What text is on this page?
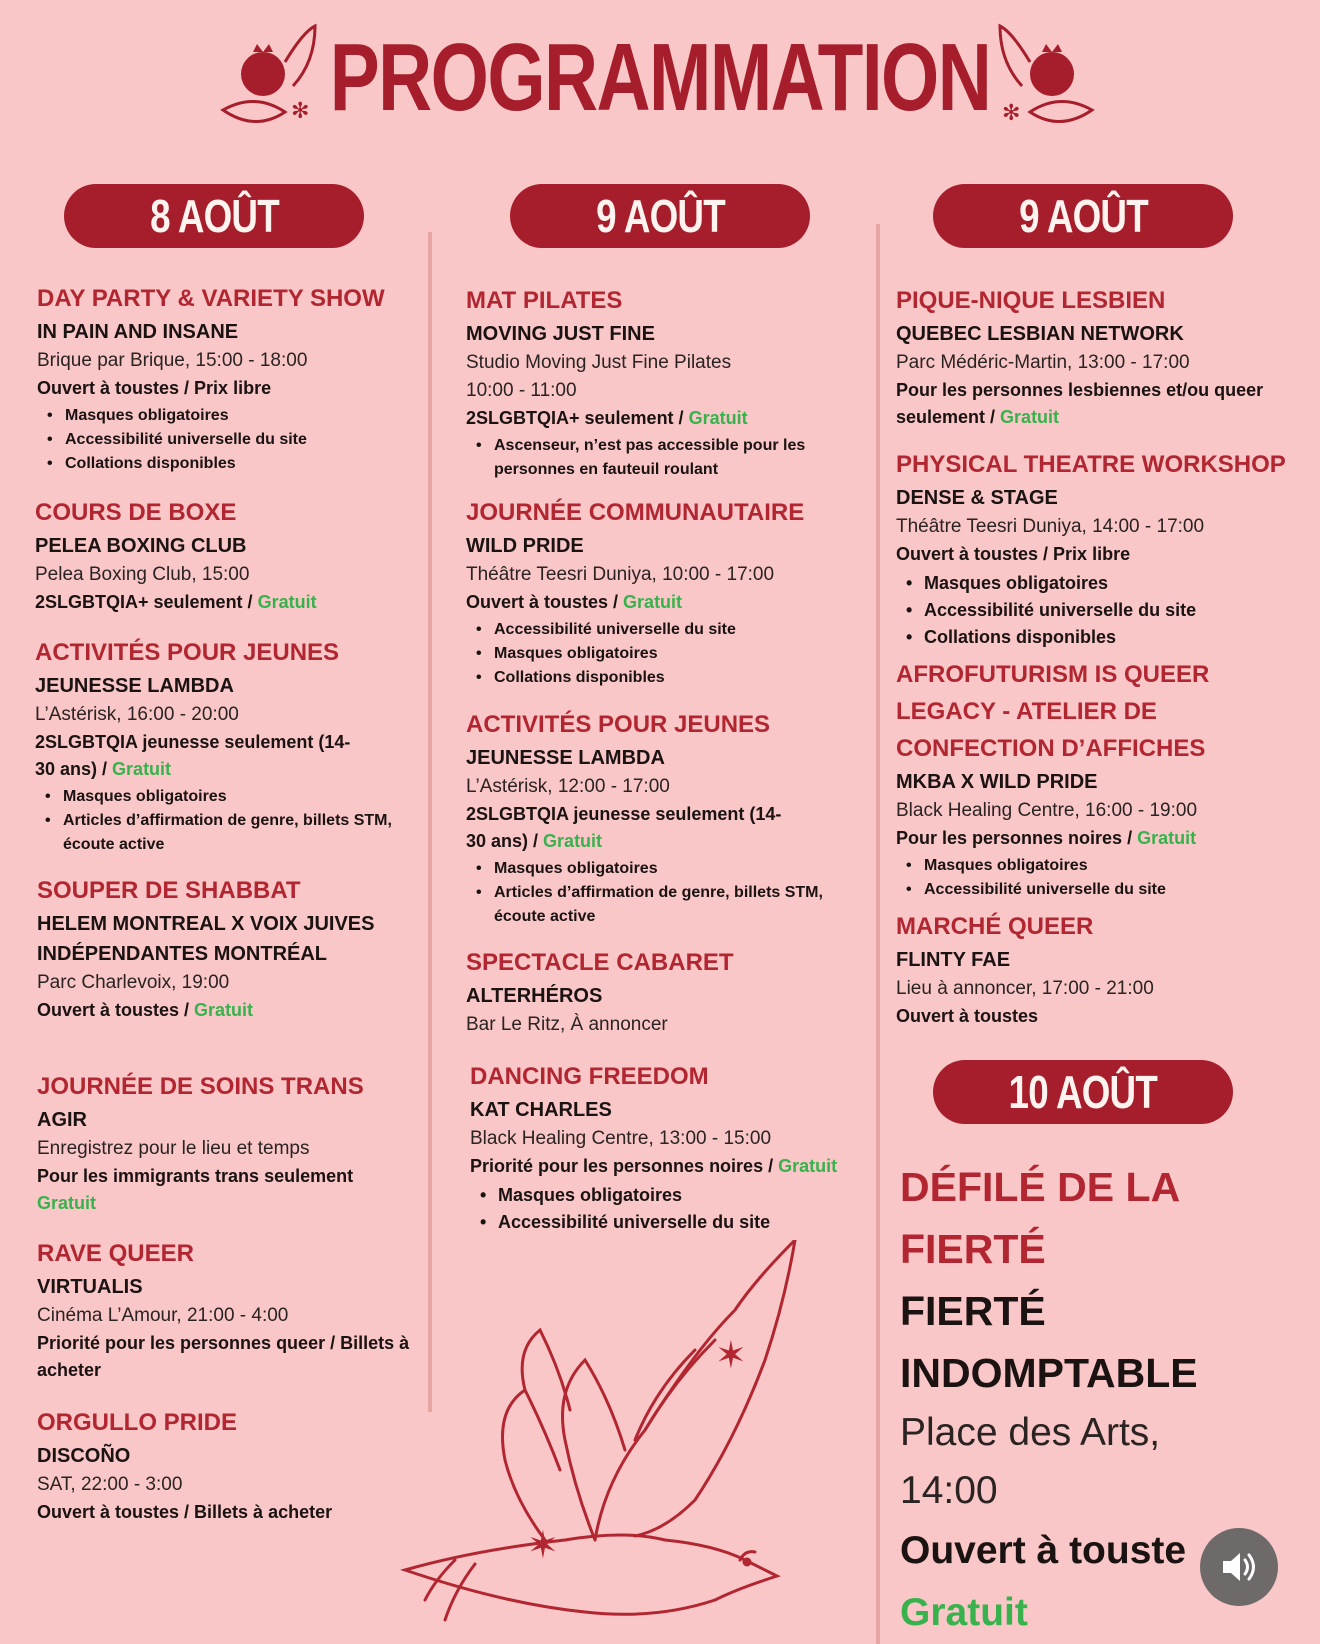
PROGRAMMATION
✻	✻
8 AOÛT	9 AOÛT	9 AOÛT
DAY PARTY & VARIETY SHOW
IN PAIN AND INSANE
Brique par Brique, 15:00 - 18:00
Ouvert à toustes / Prix libre
• Masques obligatoires
• Accessibilité universelle du site
• Collations disponibles
COURS DE BOXE
PELEA BOXING CLUB
Pelea Boxing Club, 15:00
2SLGBTQIA+ seulement / Gratuit
ACTIVITÉS POUR JEUNES
JEUNESSE LAMBDA
L’Astérisk, 16:00 - 20:00
2SLGBTQIA jeunesse seulement (14-30 ans) / Gratuit
• Masques obligatoires
• Articles d’affirmation de genre, billets STM, écoute active
SOUPER DE SHABBAT
HELEM MONTREAL X VOIX JUIVES INDÉPENDANTES MONTRÉAL
Parc Charlevoix, 19:00
Ouvert à toustes / Gratuit
JOURNÉE DE SOINS TRANS
AGIR
Enregistrez pour le lieu et temps
Pour les immigrants trans seulement
Gratuit
RAVE QUEER
VIRTUALIS
Cinéma L’Amour, 21:00 - 4:00
Priorité pour les personnes queer / Billets à acheter
ORGULLO PRIDE
DISCOÑO
SAT, 22:00 - 3:00
Ouvert à toustes / Billets à acheter
MAT PILATES
MOVING JUST FINE
Studio Moving Just Fine Pilates 10:00 - 11:00
2SLGBTQIA+ seulement / Gratuit
• Ascenseur, n’est pas accessible pour les personnes en fauteuil roulant
JOURNÉE COMMUNAUTAIRE
WILD PRIDE
Théâtre Teesri Duniya, 10:00 - 17:00
Ouvert à toustes / Gratuit
• Accessibilité universelle du site
• Masques obligatoires
• Collations disponibles
ACTIVITÉS POUR JEUNES
JEUNESSE LAMBDA
L’Astérisk, 12:00 - 17:00
2SLGBTQIA jeunesse seulement (14-30 ans) / Gratuit
• Masques obligatoires
• Articles d’affirmation de genre, billets STM, écoute active
SPECTACLE CABARET
ALTERHÉROS
Bar Le Ritz, À annoncer
DANCING FREEDOM
KAT CHARLES
Black Healing Centre, 13:00 - 15:00
Priorité pour les personnes noires / Gratuit
• Masques obligatoires
• Accessibilité universelle du site
✶
✶
PIQUE-NIQUE LESBIEN
QUEBEC LESBIAN NETWORK
Parc Médéric-Martin, 13:00 - 17:00
Pour les personnes lesbiennes et/ou queer seulement / Gratuit
PHYSICAL THEATRE WORKSHOP
DENSE & STAGE
Théâtre Teesri Duniya, 14:00 - 17:00
Ouvert à toustes / Prix libre
• Masques obligatoires
• Accessibilité universelle du site
• Collations disponibles
AFROFUTURISM IS QUEER LEGACY - ATELIER DE CONFECTION D’AFFICHES
MKBA X WILD PRIDE
Black Healing Centre, 16:00 - 19:00
Pour les personnes noires / Gratuit
• Masques obligatoires
• Accessibilité universelle du site
MARCHÉ QUEER
FLINTY FAE
Lieu à annoncer, 17:00 - 21:00
Ouvert à toustes
10 AOÛT
DÉFILÉ DE LA FIERTÉ
FIERTÉ INDOMPTABLE
Place des Arts, 14:00
Ouvert à touste
Gratuit
